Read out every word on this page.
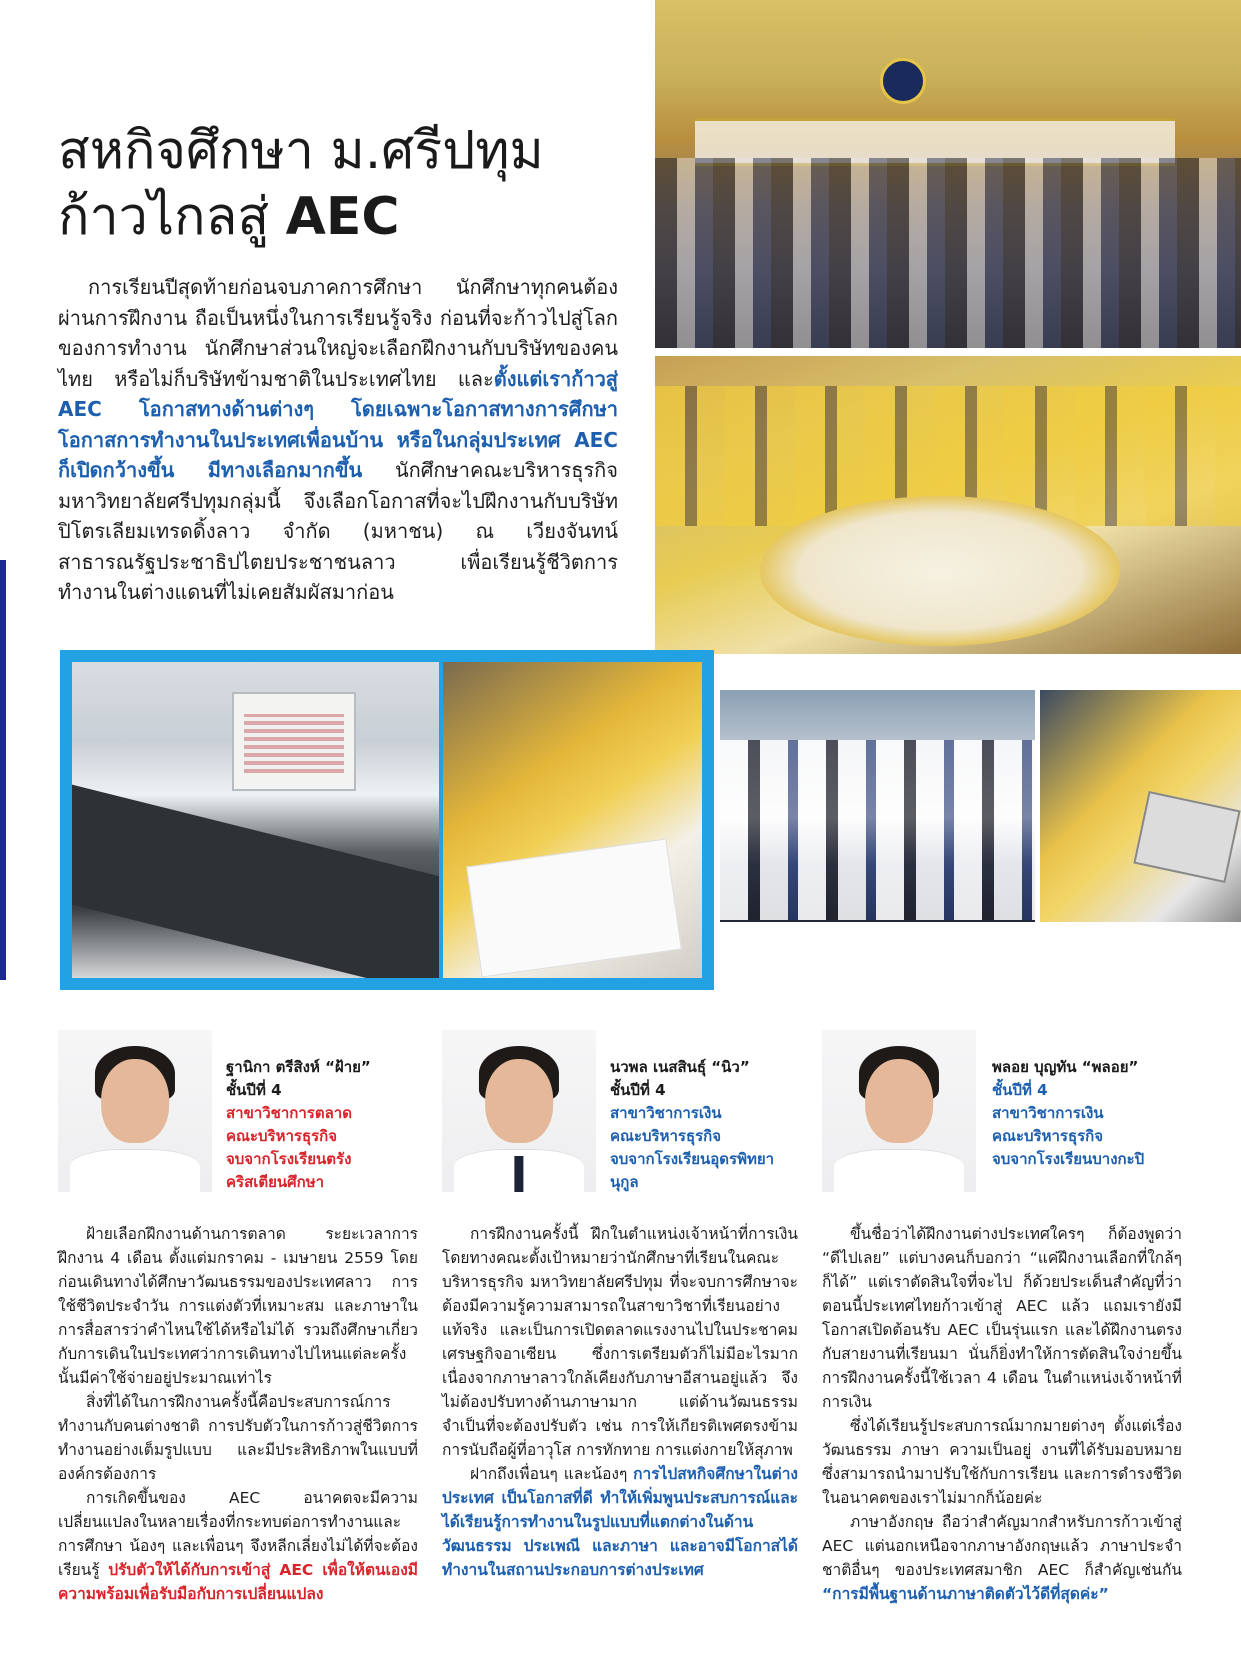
สหกิจศึกษา ม.ศรีปทุม
ก้าวไกลสู่ AEC
การเรียนปีสุดท้ายก่อนจบภาคการศึกษา นักศึกษาทุกคนต้องผ่านการฝึกงาน ถือเป็นหนึ่งในการเรียนรู้จริง ก่อนที่จะก้าวไปสู่โลกของการทำงาน นักศึกษาส่วนใหญ่จะเลือกฝึกงานกับบริษัทของคนไทย หรือไม่ก็บริษัทข้ามชาติในประเทศไทย และตั้งแต่เราก้าวสู่ AEC โอกาสทางด้านต่างๆ โดยเฉพาะโอกาสทางการศึกษา โอกาสการทำงานในประเทศเพื่อนบ้าน หรือในกลุ่มประเทศ AEC ก็เปิดกว้างขึ้น มีทางเลือกมากขึ้น นักศึกษาคณะบริหารธุรกิจ มหาวิทยาลัยศรีปทุมกลุ่มนี้ จึงเลือกโอกาสที่จะไปฝึกงานกับบริษัท ปิโตรเลียมเทรดดิ้งลาว จำกัด (มหาชน) ณ เวียงจันทน์ สาธารณรัฐประชาธิปไตยประชาชนลาว เพื่อเรียนรู้ชีวิตการทำงานในต่างแดนที่ไม่เคยสัมผัสมาก่อน
ฐานิกา ตรีสิงห์ “ฝ้าย”
ชั้นปีที่ 4
สาขาวิชาการตลาด
คณะบริหารธุรกิจ
จบจากโรงเรียนตรัง
คริสเตียนศึกษา
นวพล เนสสินธุ์ “นิว”
ชั้นปีที่ 4
สาขาวิชาการเงิน
คณะบริหารธุรกิจ
จบจากโรงเรียนอุดรพิทยา
นุกูล
พลอย บุญทัน “พลอย”
ชั้นปีที่ 4
สาขาวิชาการเงิน
คณะบริหารธุรกิจ
จบจากโรงเรียนบางกะปิ

ฝ้ายเลือกฝึกงานด้านการตลาด ระยะเวลาการฝึกงาน 4 เดือน ตั้งแต่มกราคม - เมษายน 2559 โดยก่อนเดินทางได้ศึกษาวัฒนธรรมของประเทศลาว การใช้ชีวิตประจำวัน การแต่งตัวที่เหมาะสม และภาษาในการสื่อสารว่าคำไหนใช้ได้หรือไม่ได้ รวมถึงศึกษาเกี่ยวกับการเดินในประเทศว่าการเดินทางไปไหนแต่ละครั้งนั้นมีค่าใช้จ่ายอยู่ประมาณเท่าไร

สิ่งที่ได้ในการฝึกงานครั้งนี้คือประสบการณ์การทำงานกับคนต่างชาติ การปรับตัวในการก้าวสู่ชีวิตการทำงานอย่างเต็มรูปแบบ และมีประสิทธิภาพในแบบที่องค์กรต้องการ

การเกิดขึ้นของ AEC อนาคตจะมีความเปลี่ยนแปลงในหลายเรื่องที่กระทบต่อการทำงานและการศึกษา น้องๆ และเพื่อนๆ จึงหลีกเลี่ยงไม่ได้ที่จะต้องเรียนรู้ ปรับตัวให้ได้กับการเข้าสู่ AEC เพื่อให้ตนเองมีความพร้อมเพื่อรับมือกับการเปลี่ยนแปลง

การฝึกงานครั้งนี้ ฝึกในตำแหน่งเจ้าหน้าที่การเงิน โดยทางคณะตั้งเป้าหมายว่านักศึกษาที่เรียนในคณะบริหารธุรกิจ มหาวิทยาลัยศรีปทุม ที่จะจบการศึกษาจะต้องมีความรู้ความสามารถในสาขาวิชาที่เรียนอย่างแท้จริง และเป็นการเปิดตลาดแรงงานไปในประชาคมเศรษฐกิจอาเซียน ซึ่งการเตรียมตัวก็ไม่มีอะไรมากเนื่องจากภาษาลาวใกล้เคียงกับภาษาอีสานอยู่แล้ว จึงไม่ต้องปรับทางด้านภาษามาก แต่ด้านวัฒนธรรมจำเป็นที่จะต้องปรับตัว เช่น การให้เกียรติเพศตรงข้าม การนับถือผู้ที่อาวุโส การทักทาย การแต่งกายให้สุภาพ

ฝากถึงเพื่อนๆ และน้องๆ การไปสหกิจศึกษาในต่างประเทศ เป็นโอกาสที่ดี ทำให้เพิ่มพูนประสบการณ์และได้เรียนรู้การทำงานในรูปแบบที่แตกต่างในด้านวัฒนธรรม ประเพณี และภาษา และอาจมีโอกาสได้ทำงานในสถานประกอบการต่างประเทศ

ขึ้นชื่อว่าได้ฝึกงานต่างประเทศใครๆ ก็ต้องพูดว่า “ดีไปเลย” แต่บางคนก็บอกว่า “แค่ฝึกงานเลือกที่ใกล้ๆ ก็ได้” แต่เราตัดสินใจที่จะไป ก็ด้วยประเด็นสำคัญที่ว่าตอนนี้ประเทศไทยก้าวเข้าสู่ AEC แล้ว แถมเรายังมีโอกาสเปิดต้อนรับ AEC เป็นรุ่นแรก และได้ฝึกงานตรงกับสายงานที่เรียนมา นั่นก็ยิ่งทำให้การตัดสินใจง่ายขึ้น การฝึกงานครั้งนี้ใช้เวลา 4 เดือน ในตำแหน่งเจ้าหน้าที่การเงิน

ซึ่งได้เรียนรู้ประสบการณ์มากมายต่างๆ ตั้งแต่เรื่องวัฒนธรรม ภาษา ความเป็นอยู่ งานที่ได้รับมอบหมาย ซึ่งสามารถนำมาปรับใช้กับการเรียน และการดำรงชีวิตในอนาคตของเราไม่มากก็น้อยค่ะ

ภาษาอังกฤษ ถือว่าสำคัญมากสำหรับการก้าวเข้าสู่ AEC แต่นอกเหนือจากภาษาอังกฤษแล้ว ภาษาประจำชาติอื่นๆ ของประเทศสมาชิก AEC ก็สำคัญเช่นกัน “การมีพื้นฐานด้านภาษาติดตัวไว้ดีที่สุดค่ะ”
